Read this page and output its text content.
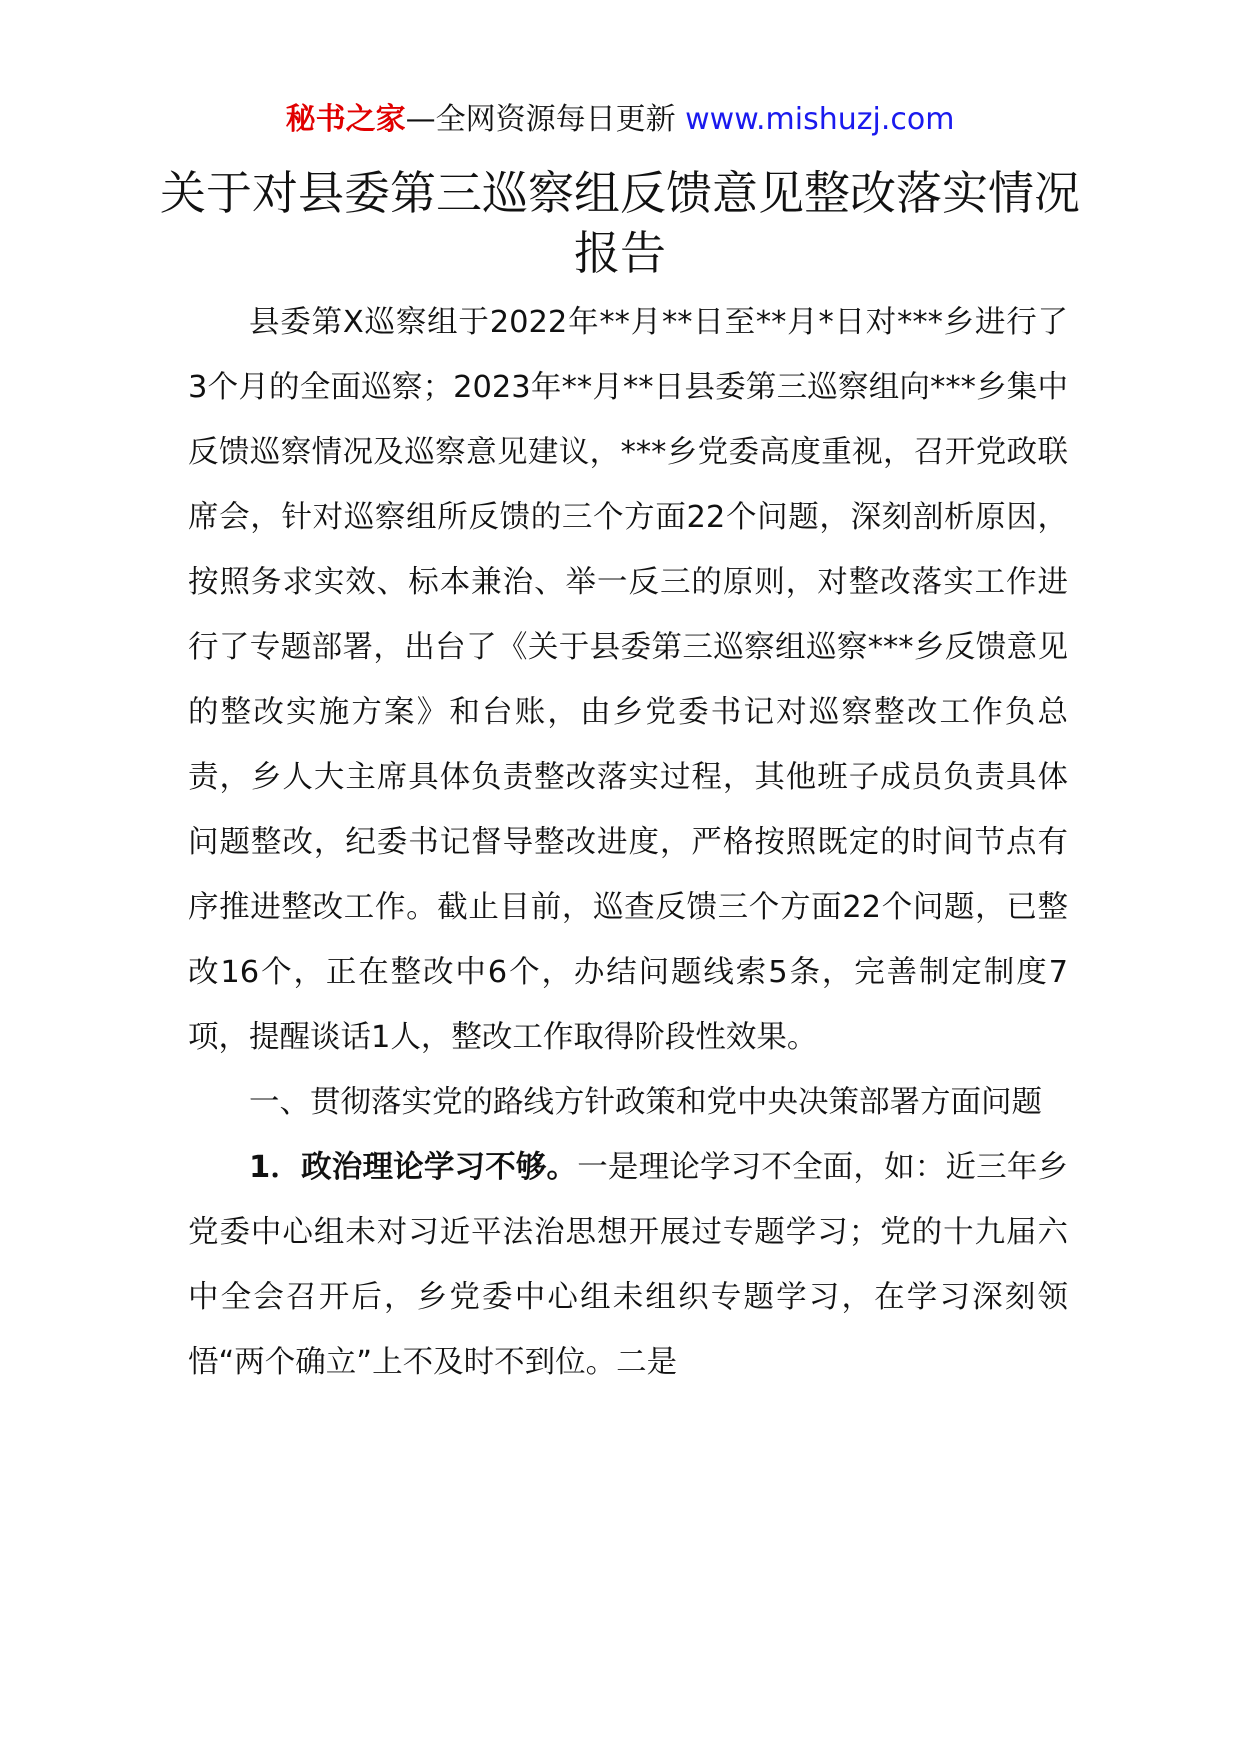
秘书之家—全网资源每日更新 www.mishuzj.com
关于对县委第三巡察组反馈意见整改落实情况报告

县委第X巡察组于2022年**月**日至**月*日对***乡进行了3个月的全面巡察；2023年**月**日县委第三巡察组向***乡集中反馈巡察情况及巡察意见建议，***乡党委高度重视，召开党政联席会，针对巡察组所反馈的三个方面22个问题，深刻剖析原因，按照务求实效、标本兼治、举一反三的原则，对整改落实工作进行了专题部署，出台了《关于县委第三巡察组巡察***乡反馈意见的整改实施方案》和台账，由乡党委书记对巡察整改工作负总责，乡人大主席具体负责整改落实过程，其他班子成员负责具体问题整改，纪委书记督导整改进度，严格按照既定的时间节点有序推进整改工作。截止目前，巡查反馈三个方面22个问题，已整改16个，正在整改中6个，办结问题线索5条，完善制定制度7项，提醒谈话1人，整改工作取得阶段性效果。

一、贯彻落实党的路线方针政策和党中央决策部署方面问题

1．政治理论学习不够。一是理论学习不全面，如：近三年乡党委中心组未对习近平法治思想开展过专题学习；党的十九届六中全会召开后，乡党委中心组未组织专题学习，在学习深刻领悟“两个确立”上不及时不到位。二是
